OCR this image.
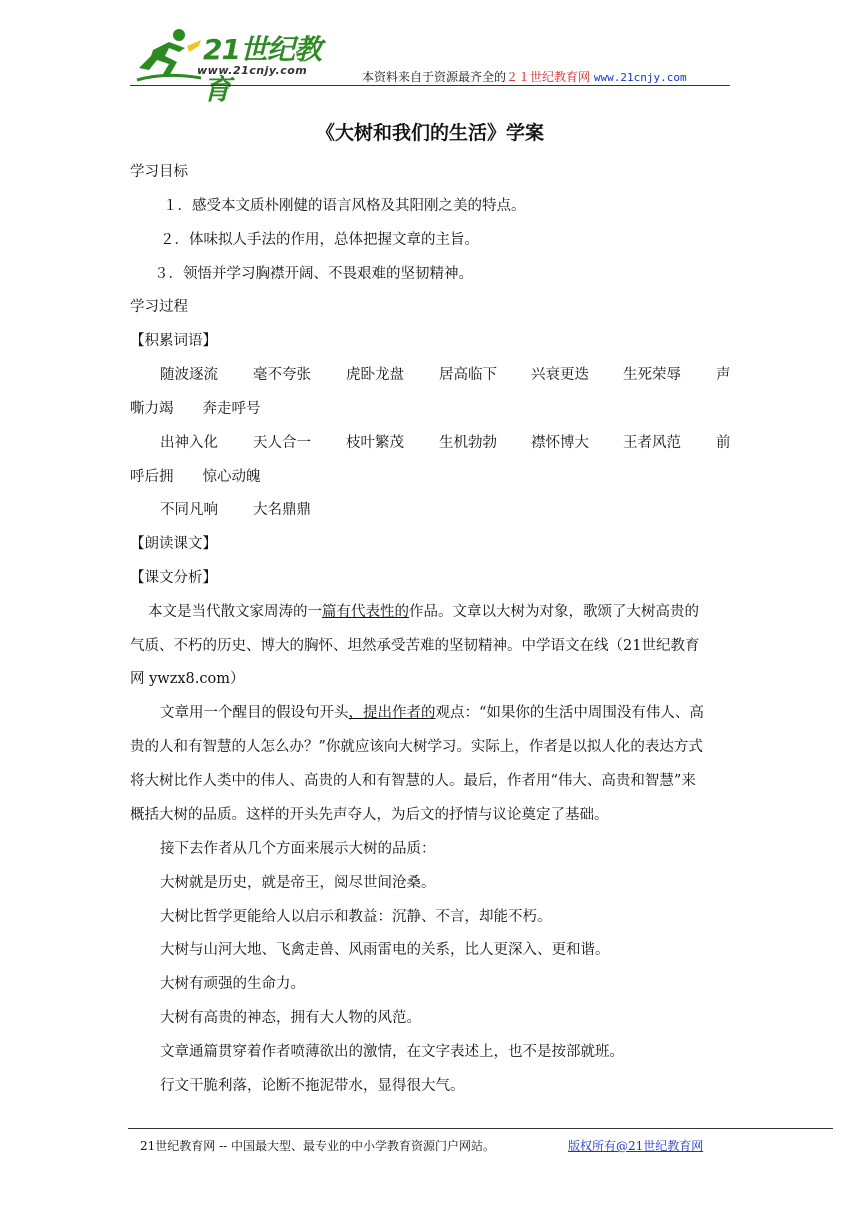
21世纪教育
www.21cnjy.com	本资料来自于资源最齐全的２１世纪教育网 www.21cnjy.com
《大树和我们的生活》学案
学习目标
１．感受本文质朴刚健的语言风格及其阳刚之美的特点。
２．体味拟人手法的作用，总体把握文章的主旨。
３．领悟并学习胸襟开阔、不畏艰难的坚韧精神。
学习过程
【积累词语】
随波逐流 毫不夸张 虎卧龙盘 居高临下 兴衰更迭 生死荣辱 声
嘶力竭　　奔走呼号
出神入化 天人合一 枝叶繁茂 生机勃勃 襟怀博大 王者风范 前
呼后拥　　惊心动魄
不同凡响 大名鼎鼎
【朗读课文】
【课文分析】
本文是当代散文家周涛的一篇有代表性的作品。文章以大树为对象，歌颂了大树高贵的
气质、不朽的历史、博大的胸怀、坦然承受苦难的坚韧精神。中学语文在线（21世纪教育
网 ywzx8.com）
文章用一个醒目的假设句开头，提出作者的观点：“如果你的生活中周围没有伟人、高
贵的人和有智慧的人怎么办？”你就应该向大树学习。实际上，作者是以拟人化的表达方式
将大树比作人类中的伟人、高贵的人和有智慧的人。最后，作者用“伟大、高贵和智慧”来
概括大树的品质。这样的开头先声夺人，为后文的抒情与议论奠定了基础。
接下去作者从几个方面来展示大树的品质：
大树就是历史，就是帝王，阅尽世间沧桑。
大树比哲学更能给人以启示和教益：沉静、不言，却能不朽。
大树与山河大地、飞禽走兽、风雨雷电的关系，比人更深入、更和谐。
大树有顽强的生命力。
大树有高贵的神态，拥有大人物的风范。
文章通篇贯穿着作者喷薄欲出的激情，在文字表述上，也不是按部就班。
行文干脆利落，论断不拖泥带水，显得很大气。
21世纪教育网 -- 中国最大型、最专业的中小学教育资源门户网站。	版权所有@21世纪教育网
